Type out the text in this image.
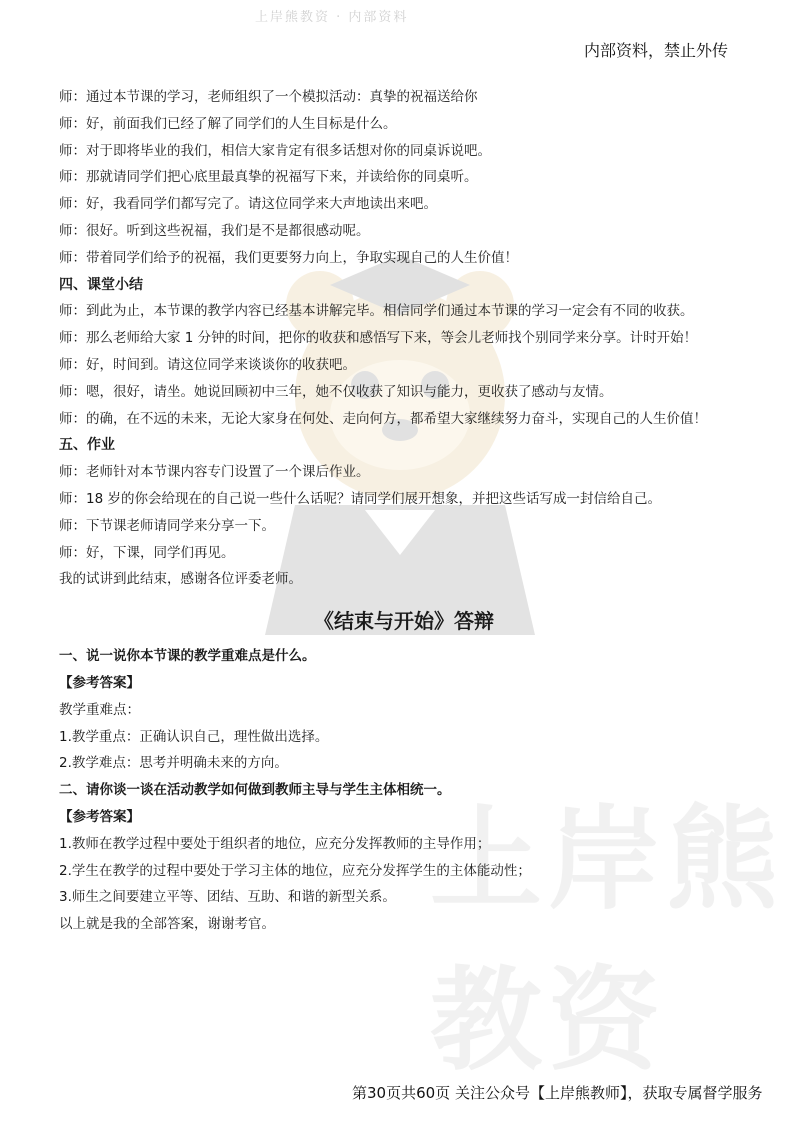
上岸熊教资
上岸熊教资 · 内部资料
内部资料，禁止外传
师：通过本节课的学习，老师组织了一个模拟活动：真挚的祝福送给你
师：好，前面我们已经了解了同学们的人生目标是什么。
师：对于即将毕业的我们，相信大家肯定有很多话想对你的同桌诉说吧。
师：那就请同学们把心底里最真挚的祝福写下来，并读给你的同桌听。
师：好，我看同学们都写完了。请这位同学来大声地读出来吧。
师：很好。听到这些祝福，我们是不是都很感动呢。
师：带着同学们给予的祝福，我们更要努力向上，争取实现自己的人生价值！
四、课堂小结
师：到此为止，本节课的教学内容已经基本讲解完毕。相信同学们通过本节课的学习一定会有不同的收获。
师：那么老师给大家 1 分钟的时间，把你的收获和感悟写下来，等会儿老师找个别同学来分享。计时开始！
师：好，时间到。请这位同学来谈谈你的收获吧。
师：嗯，很好，请坐。她说回顾初中三年，她不仅收获了知识与能力，更收获了感动与友情。
师：的确，在不远的未来，无论大家身在何处、走向何方，都希望大家继续努力奋斗，实现自己的人生价值！
五、作业
师：老师针对本节课内容专门设置了一个课后作业。
师：18 岁的你会给现在的自己说一些什么话呢？请同学们展开想象，并把这些话写成一封信给自己。
师：下节课老师请同学来分享一下。
师：好，下课，同学们再见。
我的试讲到此结束，感谢各位评委老师。
《结束与开始》答辩
一、说一说你本节课的教学重难点是什么。
【参考答案】
教学重难点：
1.教学重点：正确认识自己，理性做出选择。
2.教学难点：思考并明确未来的方向。
二、请你谈一谈在活动教学如何做到教师主导与学生主体相统一。
【参考答案】
1.教师在教学过程中要处于组织者的地位，应充分发挥教师的主导作用；
2.学生在教学的过程中要处于学习主体的地位，应充分发挥学生的主体能动性；
3.师生之间要建立平等、团结、互助、和谐的新型关系。
以上就是我的全部答案，谢谢考官。
第30页共60页 关注公众号【上岸熊教师】，获取专属督学服务
